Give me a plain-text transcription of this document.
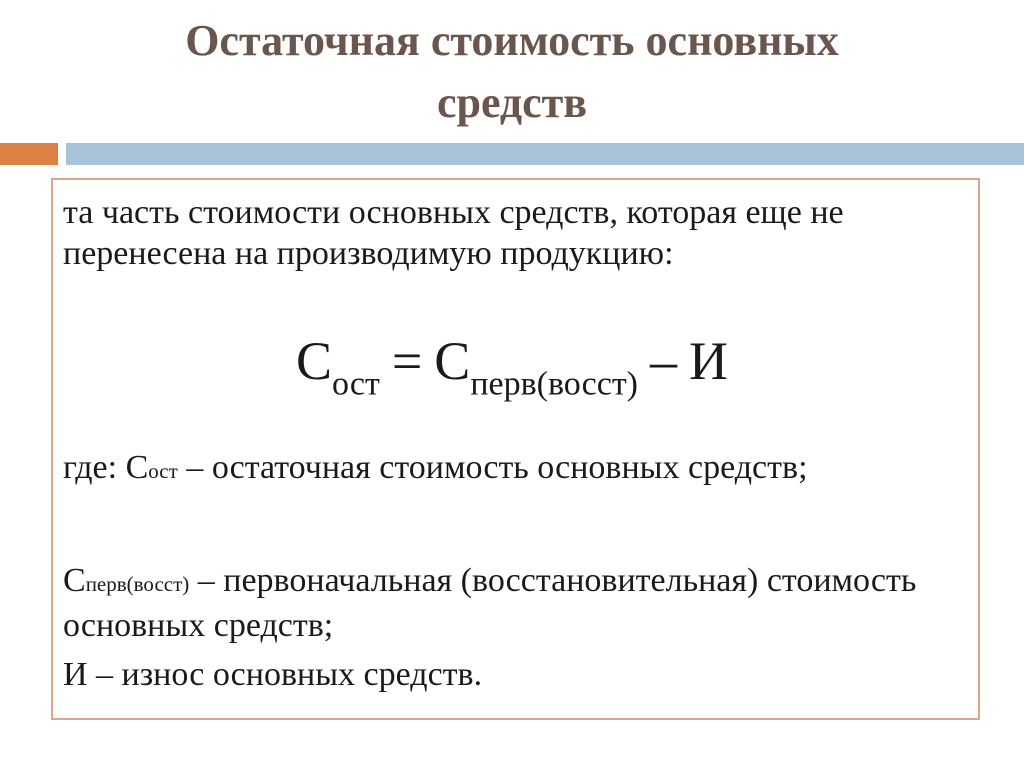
Остаточная стоимость основных
средств

та часть стоимости основных средств, которая еще не перенесена на производимую продукцию:

$С_{ост} = С_{перв(восст)} - И$

где: Сост – остаточная стоимость основных средств;

Сперв(восст) – первоначальная (восстановительная) стоимость основных средств;

И – износ основных средств.
